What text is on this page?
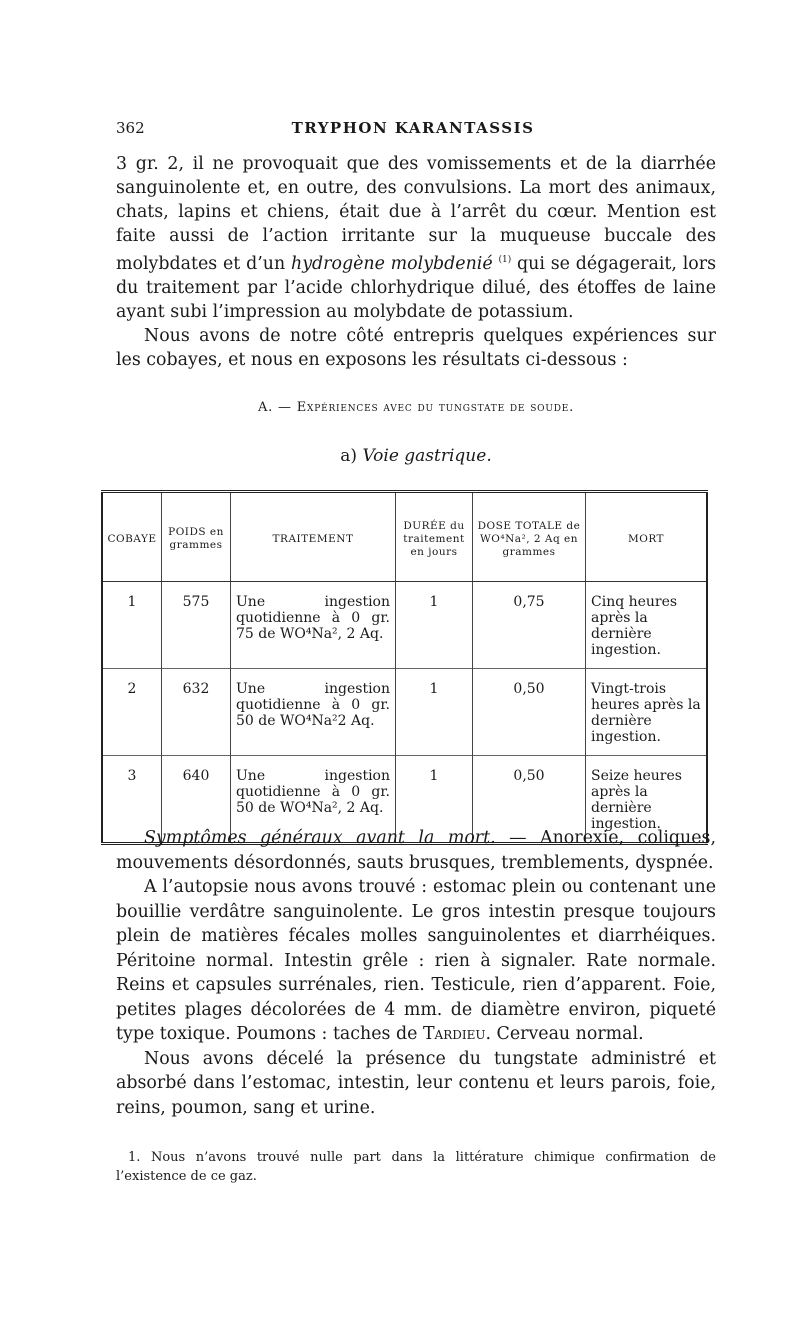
362	TRYPHON KARANTASSIS

3 gr. 2, il ne provoquait que des vomissements et de la diarrhée sanguinolente et, en outre, des convulsions. La mort des animaux, chats, lapins et chiens, était due à l’arrêt du cœur. Mention est faite aussi de l’action irritante sur la muqueuse buccale des molybdates et d’un hydrogène molybdenié $^{(1)}$ qui se dégagerait, lors du traitement par l’acide chlorhydrique dilué, des étoffes de laine ayant subi l’impression au molybdate de potassium.

Nous avons de notre côté entrepris quelques expériences sur les cobayes, et nous en exposons les résultats ci-dessous :

A. — Expériences avec du tungstate de soude.
a) Voie gastrique.
COBAYE	POIDS en grammes	TRAITEMENT	DURÉE du traitement en jours	DOSE TOTALE de WO⁴Na², 2 Aq en grammes	MORT
1	575	Une ingestion quotidienne à 0 gr. 75 de WO⁴Na², 2 Aq.	1	0,75	Cinq heures après la dernière ingestion.
2	632	Une ingestion quotidienne à 0 gr. 50 de WO⁴Na²2 Aq.	1	0,50	Vingt-trois heures après la dernière ingestion.
3	640	Une ingestion quotidienne à 0 gr. 50 de WO⁴Na², 2 Aq.	1	0,50	Seize heures après la dernière ingestion.

Symptômes généraux avant la mort. — Anorexie, coliques, mouvements désordonnés, sauts brusques, tremblements, dyspnée.

A l’autopsie nous avons trouvé : estomac plein ou contenant une bouillie verdâtre sanguinolente. Le gros intestin presque toujours plein de matières fécales molles sanguinolentes et diarrhéiques. Péritoine normal. Intestin grêle : rien à signaler. Rate normale. Reins et capsules surrénales, rien. Testicule, rien d’apparent. Foie, petites plages décolorées de 4 mm. de diamètre environ, piqueté type toxique. Poumons : taches de Tardieu. Cerveau normal.

Nous avons décelé la présence du tungstate administré et absorbé dans l’estomac, intestin, leur contenu et leurs parois, foie, reins, poumon, sang et urine.

1. Nous n’avons trouvé nulle part dans la littérature chimique confirmation de l’existence de ce gaz.
